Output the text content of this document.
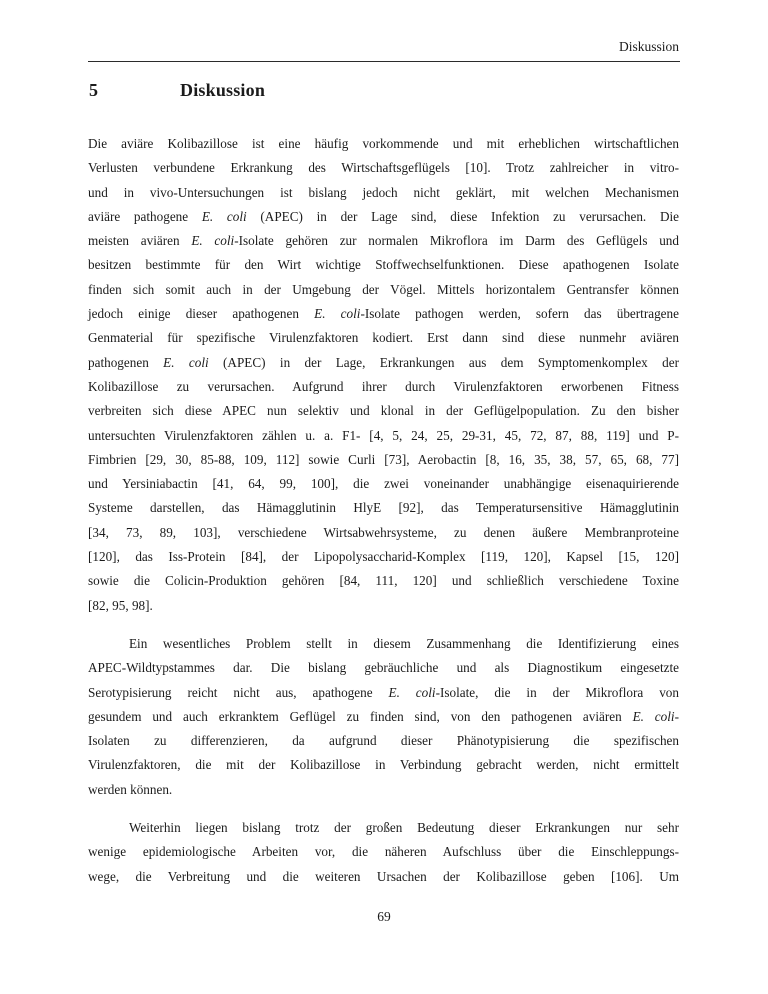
Diskussion
5	Diskussion
Die aviäre Kolibazillose ist eine häufig vorkommende und mit erheblichen wirtschaftlichen
Verlusten verbundene Erkrankung des Wirtschaftsgeflügels [10]. Trotz zahlreicher in vitro-
und in vivo-Untersuchungen ist bislang jedoch nicht geklärt, mit welchen Mechanismen
aviäre pathogene E. coli (APEC) in der Lage sind, diese Infektion zu verursachen. Die
meisten aviären E. coli-Isolate gehören zur normalen Mikroflora im Darm des Geflügels und
besitzen bestimmte für den Wirt wichtige Stoffwechselfunktionen. Diese apathogenen Isolate
finden sich somit auch in der Umgebung der Vögel. Mittels horizontalem Gentransfer können
jedoch einige dieser apathogenen E. coli-Isolate pathogen werden, sofern das übertragene
Genmaterial für spezifische Virulenzfaktoren kodiert. Erst dann sind diese nunmehr aviären
pathogenen E. coli (APEC) in der Lage, Erkrankungen aus dem Symptomenkomplex der
Kolibazillose zu verursachen. Aufgrund ihrer durch Virulenzfaktoren erworbenen Fitness
verbreiten sich diese APEC nun selektiv und klonal in der Geflügelpopulation. Zu den bisher
untersuchten Virulenzfaktoren zählen u. a. F1- [4, 5, 24, 25, 29-31, 45, 72, 87, 88, 119] und P-
Fimbrien [29, 30, 85-88, 109, 112] sowie Curli [73], Aerobactin [8, 16, 35, 38, 57, 65, 68, 77]
und Yersiniabactin [41, 64, 99, 100], die zwei voneinander unabhängige eisenaquirierende
Systeme darstellen, das Hämagglutinin HlyE [92], das Temperatursensitive Hämagglutinin
[34, 73, 89, 103], verschiedene Wirtsabwehrsysteme, zu denen äußere Membranproteine
[120], das Iss-Protein [84], der Lipopolysaccharid-Komplex [119, 120], Kapsel [15, 120]
sowie die Colicin-Produktion gehören [84, 111, 120] und schließlich verschiedene Toxine
[82, 95, 98].
Ein wesentliches Problem stellt in diesem Zusammenhang die Identifizierung eines
APEC-Wildtypstammes dar. Die bislang gebräuchliche und als Diagnostikum eingesetzte
Serotypisierung reicht nicht aus, apathogene E. coli-Isolate, die in der Mikroflora von
gesundem und auch erkranktem Geflügel zu finden sind, von den pathogenen aviären E. coli-
Isolaten zu differenzieren, da aufgrund dieser Phänotypisierung die spezifischen
Virulenzfaktoren, die mit der Kolibazillose in Verbindung gebracht werden, nicht ermittelt
werden können.
Weiterhin liegen bislang trotz der großen Bedeutung dieser Erkrankungen nur sehr
wenige epidemiologische Arbeiten vor, die näheren Aufschluss über die Einschleppungs-
wege, die Verbreitung und die weiteren Ursachen der Kolibazillose geben [106]. Um
69
